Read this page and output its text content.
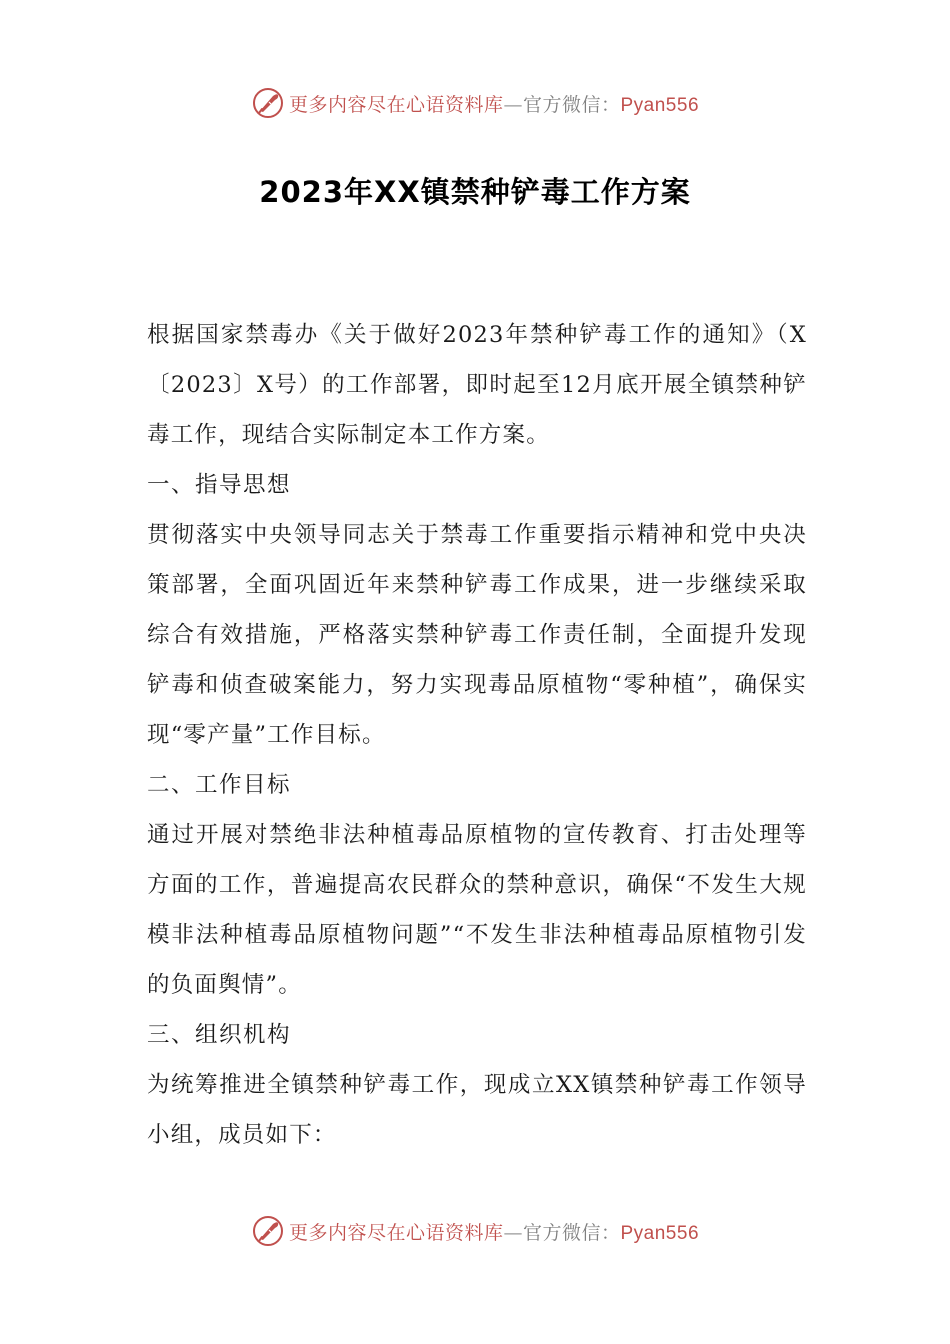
更多内容尽在心语资料库—官方微信：Pyan556
2023年XX镇禁种铲毒工作方案

根据国家禁毒办《关于做好2023年禁种铲毒工作的通知》（X〔2023〕X号）的工作部署，即时起至12月底开展全镇禁种铲毒工作，现结合实际制定本工作方案。

一、指导思想

贯彻落实中央领导同志关于禁毒工作重要指示精神和党中央决策部署，全面巩固近年来禁种铲毒工作成果，进一步继续采取综合有效措施，严格落实禁种铲毒工作责任制，全面提升发现铲毒和侦查破案能力，努力实现毒品原植物“零种植”，确保实现“零产量”工作目标。

二、工作目标

通过开展对禁绝非法种植毒品原植物的宣传教育、打击处理等方面的工作，普遍提高农民群众的禁种意识，确保“不发生大规模非法种植毒品原植物问题”“不发生非法种植毒品原植物引发的负面舆情”。

三、组织机构

为统筹推进全镇禁种铲毒工作，现成立XX镇禁种铲毒工作领导小组，成员如下：

更多内容尽在心语资料库—官方微信：Pyan556
